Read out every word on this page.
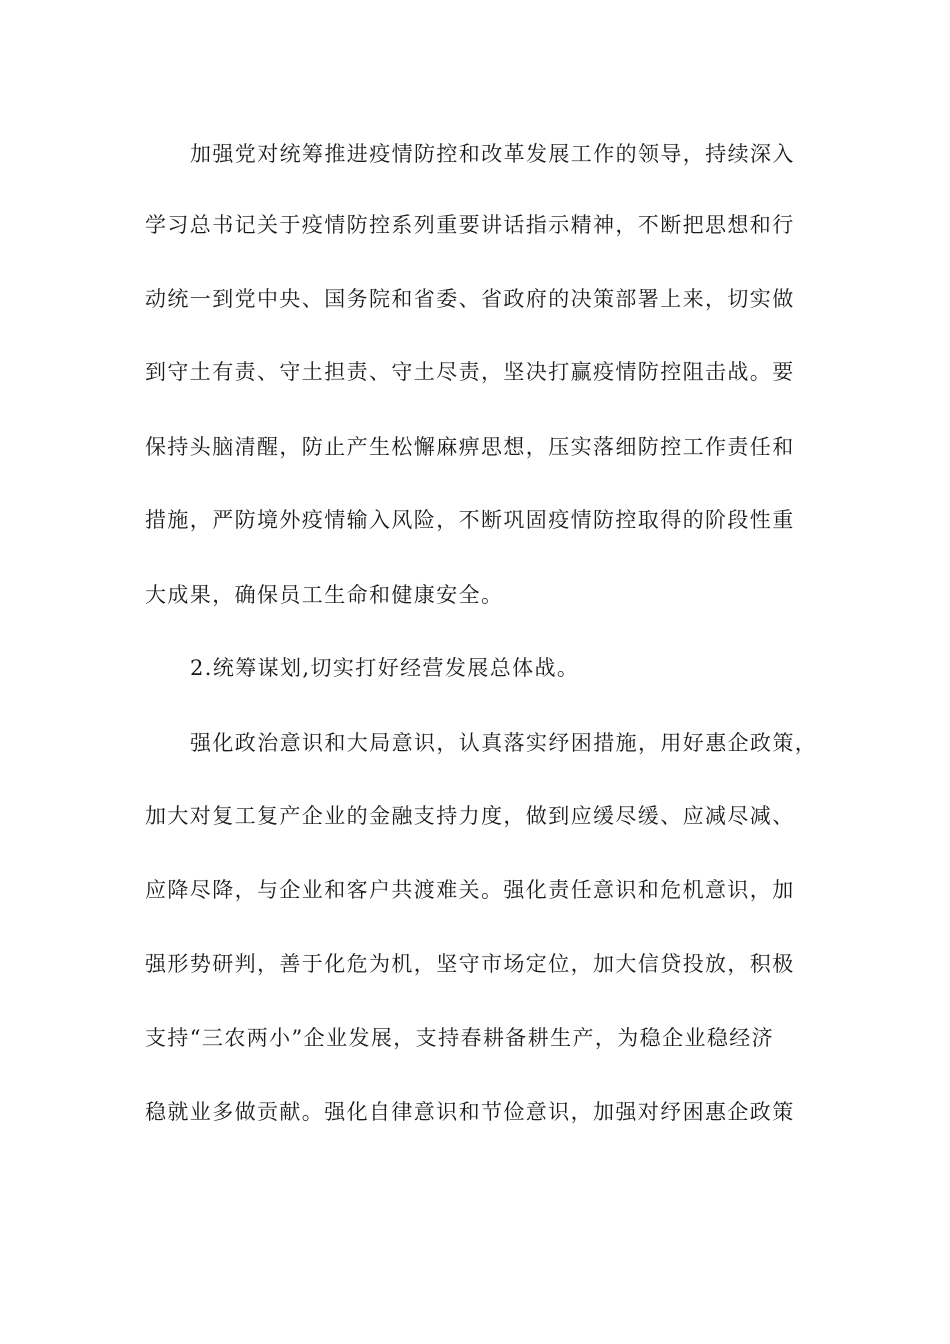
加强党对统筹推进疫情防控和改革发展工作的领导，持续深入
学习总书记关于疫情防控系列重要讲话指示精神，不断把思想和行
动统一到党中央、国务院和省委、省政府的决策部署上来，切实做
到守土有责、守土担责、守土尽责，坚决打赢疫情防控阻击战。要
保持头脑清醒，防止产生松懈麻痹思想，压实落细防控工作责任和
措施，严防境外疫情输入风险，不断巩固疫情防控取得的阶段性重
大成果，确保员工生命和健康安全。
2.统筹谋划,切实打好经营发展总体战。
强化政治意识和大局意识，认真落实纾困措施，用好惠企政策，
加大对复工复产企业的金融支持力度，做到应缓尽缓、应减尽减、
应降尽降，与企业和客户共渡难关。强化责任意识和危机意识，加
强形势研判，善于化危为机，坚守市场定位，加大信贷投放，积极
支持“三农两小”企业发展，支持春耕备耕生产，为稳企业稳经济
稳就业多做贡献。强化自律意识和节俭意识，加强对纾困惠企政策
